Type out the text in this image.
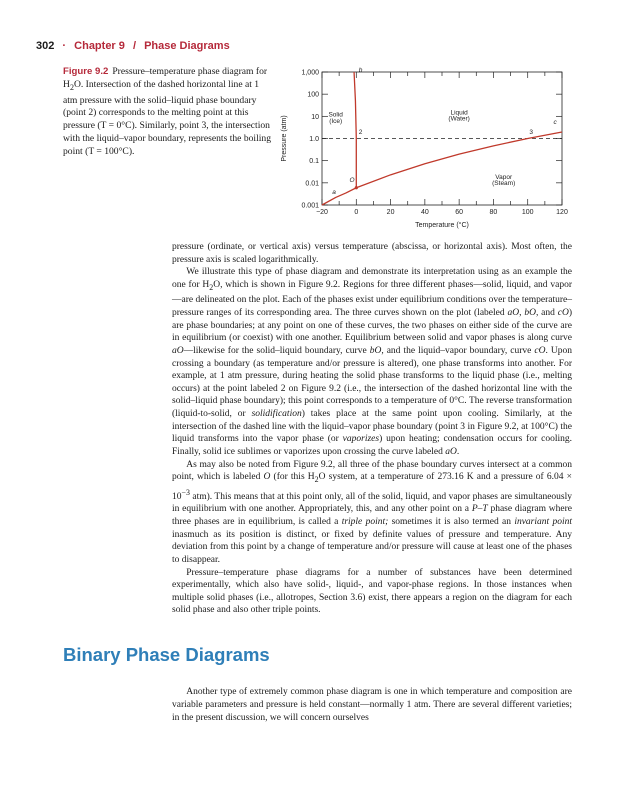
302 · Chapter 9 / Phase Diagrams
Figure 9.2 Pressure–temperature phase diagram for $H_2O$. Intersection of the dashed horizontal line at 1 atm pressure with the solid–liquid phase boundary (point 2) corresponds to the melting point at this pressure (T = 0°C). Similarly, point 3, the intersection with the liquid–vapor boundary, represents the boiling point (T = 100°C).
−20	0	20	40	60	80	100	120
1,000
100
10
1.0
0.1
0.01
0.001
Temperature (°C)
Pressure (atm)
b
Solid
(Ice)
Liquid
(Water)
c
2	3
O	Vapor
(Steam)
a

pressure (ordinate, or vertical axis) versus temperature (abscissa, or horizontal axis). Most often, the pressure axis is scaled logarithmically.

We illustrate this type of phase diagram and demonstrate its interpretation using as an example the one for $H_2O$, which is shown in Figure 9.2. Regions for three different phases—solid, liquid, and vapor—are delineated on the plot. Each of the phases exist under equilibrium conditions over the temperature–pressure ranges of its corresponding area. The three curves shown on the plot (labeled aO, bO, and cO) are phase boundaries; at any point on one of these curves, the two phases on either side of the curve are in equilibrium (or coexist) with one another. Equilibrium between solid and vapor phases is along curve aO—likewise for the solid–liquid boundary, curve bO, and the liquid–vapor boundary, curve cO. Upon crossing a boundary (as temperature and/or pressure is altered), one phase transforms into another. For example, at 1 atm pressure, during heating the solid phase transforms to the liquid phase (i.e., melting occurs) at the point labeled 2 on Figure 9.2 (i.e., the intersection of the dashed horizontal line with the solid–liquid phase boundary); this point corresponds to a temperature of 0°C. The reverse transformation (liquid-to-solid, or solidification) takes place at the same point upon cooling. Similarly, at the intersection of the dashed line with the liquid–vapor phase boundary (point 3 in Figure 9.2, at 100°C) the liquid transforms into the vapor phase (or vaporizes) upon heating; condensation occurs for cooling. Finally, solid ice sublimes or vaporizes upon crossing the curve labeled aO.

As may also be noted from Figure 9.2, all three of the phase boundary curves intersect at a common point, which is labeled O (for this $H_2O$ system, at a temperature of 273.16 K and a pressure of $6.04 \times 10^{-3}$ atm). This means that at this point only, all of the solid, liquid, and vapor phases are simultaneously in equilibrium with one another. Appropriately, this, and any other point on a P–T phase diagram where three phases are in equilibrium, is called a triple point; sometimes it is also termed an invariant point inasmuch as its position is distinct, or fixed by definite values of pressure and temperature. Any deviation from this point by a change of temperature and/or pressure will cause at least one of the phases to disappear.

Pressure–temperature phase diagrams for a number of substances have been determined experimentally, which also have solid-, liquid-, and vapor-phase regions. In those instances when multiple solid phases (i.e., allotropes, Section 3.6) exist, there appears a region on the diagram for each solid phase and also other triple points.

Binary Phase Diagrams

Another type of extremely common phase diagram is one in which temperature and composition are variable parameters and pressure is held constant—normally 1 atm. There are several different varieties; in the present discussion, we will concern ourselves
